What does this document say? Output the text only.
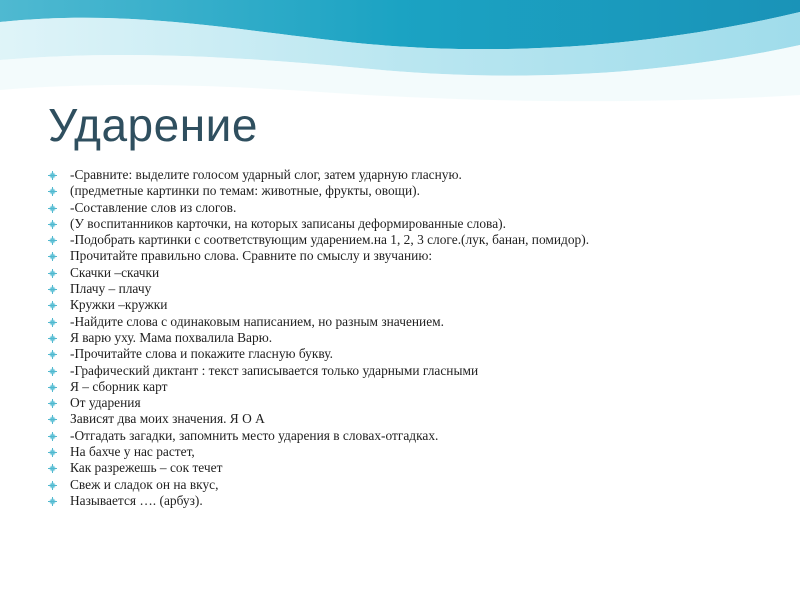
Ударение
-Сравните: выделите голосом ударный слог, затем ударную гласную.
(предметные картинки по темам: животные, фрукты, овощи).
-Составление слов из слогов.
(У воспитанников карточки, на которых записаны деформированные слова).
-Подобрать картинки с соответствующим ударением.на 1, 2, 3 слоге.(лук, банан, помидор).
Прочитайте правильно слова. Сравните по смыслу и звучанию:
Скачки –скачки
Плачу – плачу
Кружки –кружки
-Найдите слова с одинаковым написанием, но разным значением.
Я варю уху. Мама похвалила Варю.
-Прочитайте слова и покажите гласную букву.
-Графический диктант : текст записывается только ударными гласными
Я – сборник карт
От ударения
Зависят два моих значения. Я О А
-Отгадать загадки, запомнить место ударения в словах-отгадках.
На бахче у нас растет,
Как разрежешь – сок течет
Свеж и сладок он на вкус,
Называется …. (арбуз).
